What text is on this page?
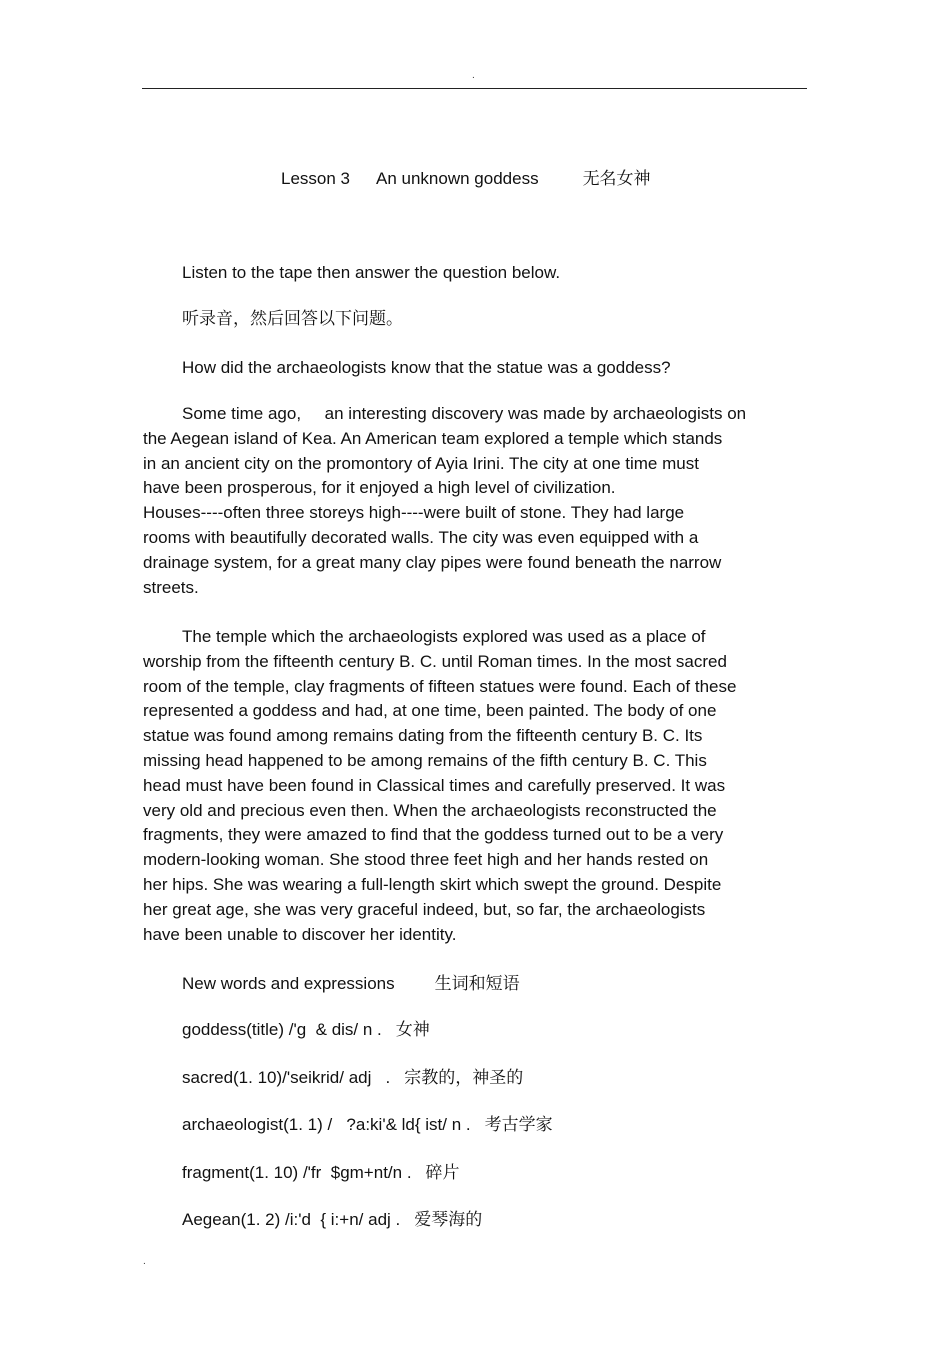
.
Lesson 3 An unknown goddess	无名女神
Listen to the tape then answer the question below.
听录音，然后回答以下问题。
How did the archaeologists know that the statue was a goddess?
Some time ago,     an interesting discovery was made by archaeologists on
the Aegean island of Kea. An American team explored a temple which stands
in an ancient city on the promontory of Ayia Irini. The city at one time must
have been prosperous, for it enjoyed a high level of civilization.
Houses----often three storeys high----were built of stone. They had large
rooms with beautifully decorated walls. The city was even equipped with a
drainage system, for a great many clay pipes were found beneath the narrow
streets.
The temple which the archaeologists explored was used as a place of
worship from the fifteenth century B. C. until Roman times. In the most sacred
room of the temple, clay fragments of fifteen statues were found. Each of these
represented a goddess and had, at one time, been painted. The body of one
statue was found among remains dating from the fifteenth century B. C. Its
missing head happened to be among remains of the fifth century B. C. This
head must have been found in Classical times and carefully preserved. It was
very old and precious even then. When the archaeologists reconstructed the
fragments, they were amazed to find that the goddess turned out to be a very
modern-looking woman. She stood three feet high and her hands rested on
her hips. She was wearing a full-length skirt which swept the ground. Despite
her great age, she was very graceful indeed, but, so far, the archaeologists
have been unable to discover her identity.
New words and expressions 生词和短语
goddess(title) /'g  & dis/ n . 女神
sacred(1. 10)/'seikrid/ adj   . 宗教的，神圣的
archaeologist(1. 1) /   ?a:ki'& ld{ ist/ n . 考古学家
fragment(1. 10) /'fr  $gm+nt/n . 碎片
Aegean(1. 2) /i:'d  { i:+n/ adj . 爱琴海的
.
